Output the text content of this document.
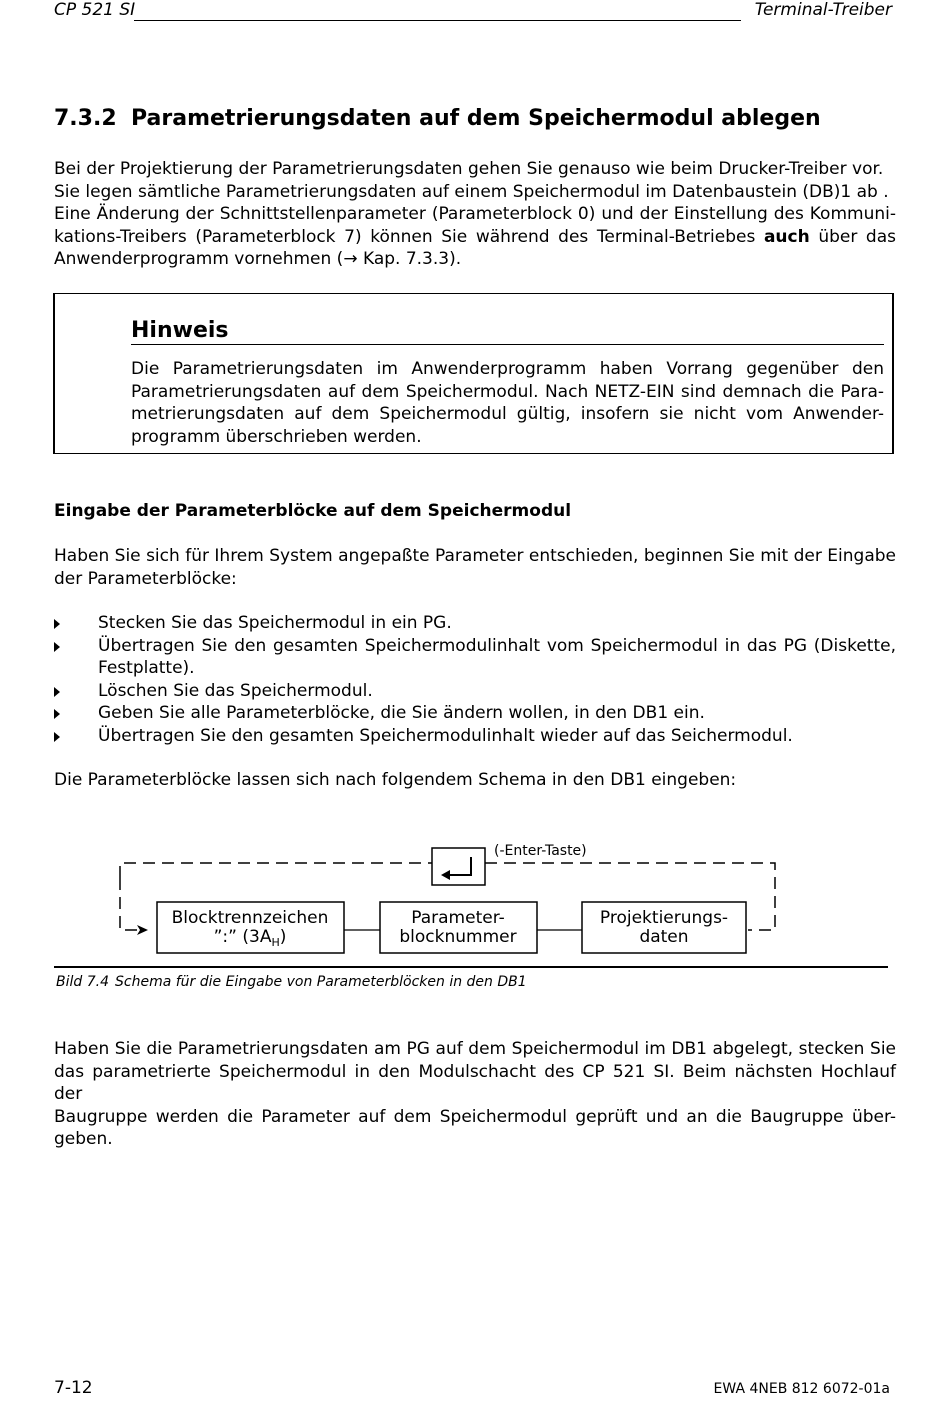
CP 521 SI	Terminal-Treiber
7.3.2 Parametrierungsdaten auf dem Speichermodul ablegen
Bei der Projektierung der Parametrierungsdaten gehen Sie genauso wie beim Drucker-Treiber vor.
Sie legen sämtliche Parametrierungsdaten auf einem Speichermodul im Datenbaustein (DB)1 ab .
Eine Änderung der Schnittstellenparameter (Parameterblock 0) und der Einstellung des Kommuni-
kations-Treibers (Parameterblock 7) können Sie während des Terminal-Betriebes auch über das
Anwenderprogramm vornehmen (→ Kap. 7.3.3).
Hinweis
Die Parametrierungsdaten im Anwenderprogramm haben Vorrang gegenüber den
Parametrierungsdaten auf dem Speichermodul. Nach NETZ-EIN sind demnach die Para-
metrierungsdaten auf dem Speichermodul gültig, insofern sie nicht vom Anwender-
programm überschrieben werden.
Eingabe der Parameterblöcke auf dem Speichermodul
Haben Sie sich für Ihrem System angepaßte Parameter entschieden, beginnen Sie mit der Eingabe
der Parameterblöcke:
Stecken Sie das Speichermodul in ein PG.
Übertragen Sie den gesamten Speichermodulinhalt vom Speichermodul in das PG (Diskette,
Festplatte).
Löschen Sie das Speichermodul.
Geben Sie alle Parameterblöcke, die Sie ändern wollen, in den DB1 ein.
Übertragen Sie den gesamten Speichermodulinhalt wieder auf das Seichermodul.
Die Parameterblöcke lassen sich nach folgendem Schema in den DB1 eingeben:
(-Enter-Taste)
Blocktrennzeichen
”:” $(3A_H)$
Parameter-
blocknummer
Projektierungs-
daten
Bild 7.4 Schema für die Eingabe von Parameterblöcken in den DB1
Haben Sie die Parametrierungsdaten am PG auf dem Speichermodul im DB1 abgelegt, stecken Sie
das parametrierte Speichermodul in den Modulschacht des CP 521 SI. Beim nächsten Hochlauf der
Baugruppe werden die Parameter auf dem Speichermodul geprüft und an die Baugruppe über-
geben.
7-12	EWA 4NEB 812 6072-01a
